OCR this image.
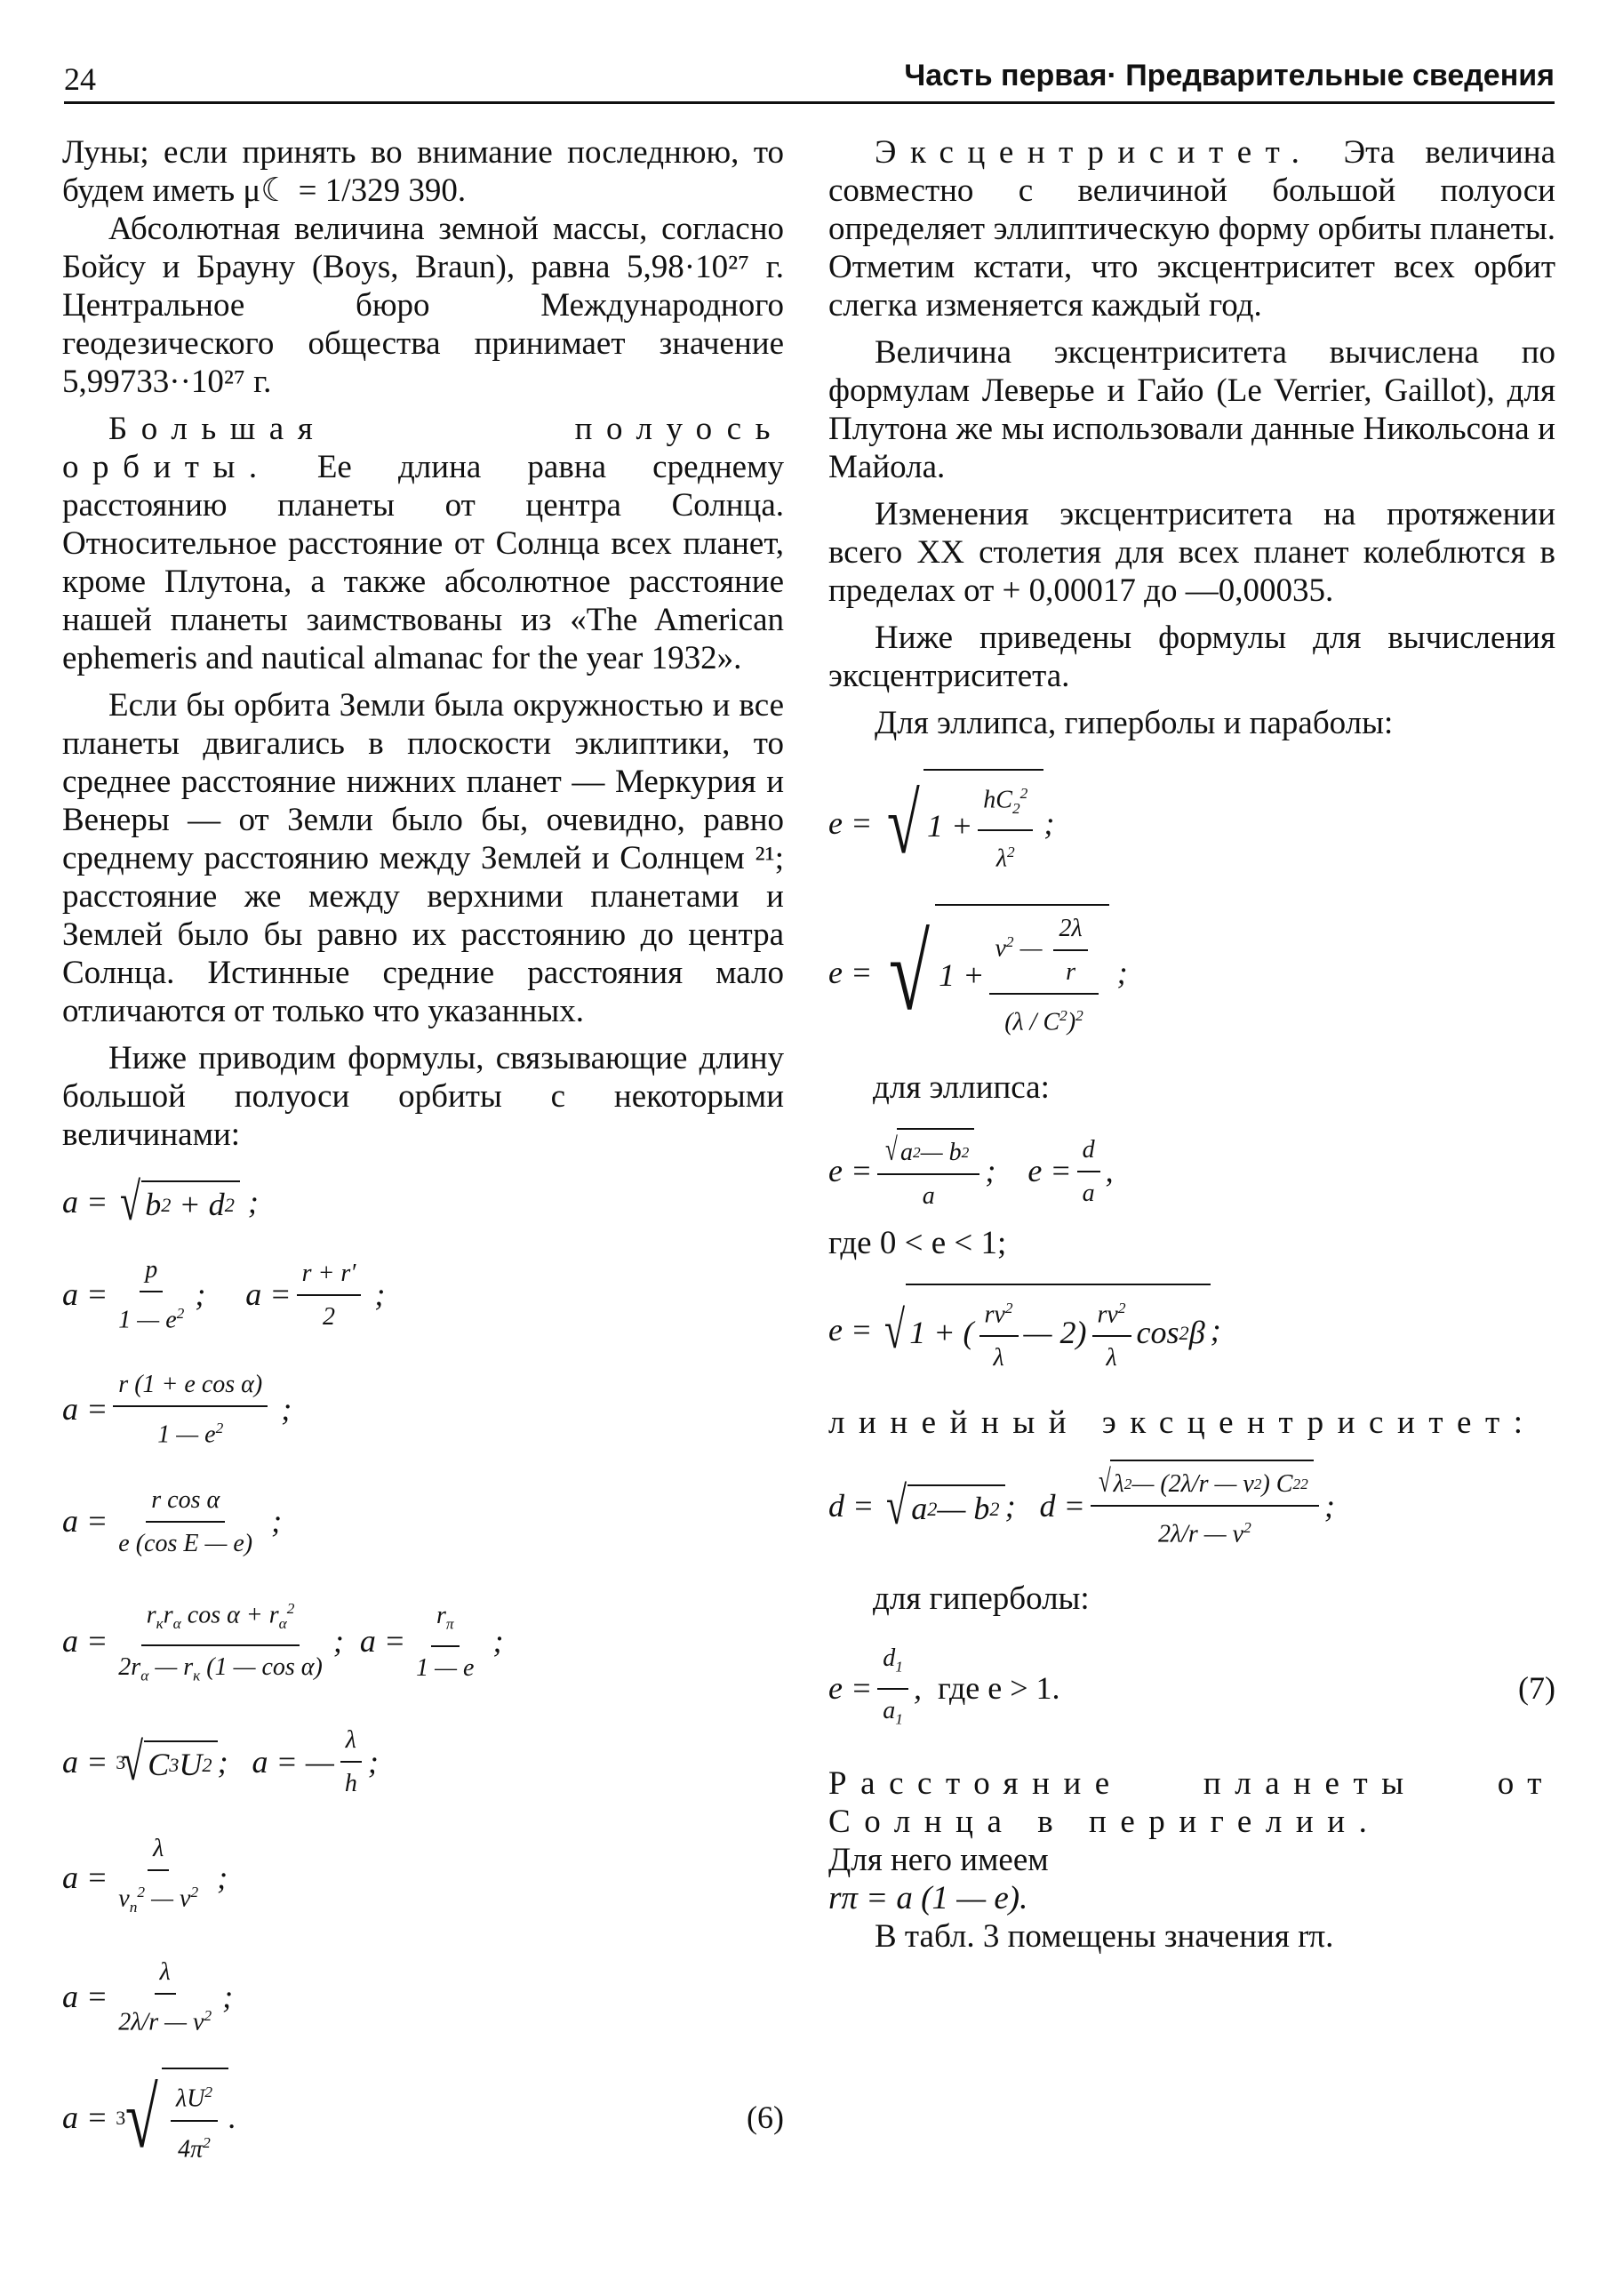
24	Часть первая· Предварительные сведения

Луны; если принять во внимание последнюю, то будем иметь μ☾ = 1/329 390.

Абсолютная величина земной массы, согласно Бойсу и Брауну (Boys, Braun), равна 5,98·10²⁷ г. Центральное бюро Международного геодезического общества принимает значение 5,99733··10²⁷ г.

Большая полуось орбиты. Ее длина равна среднему расстоянию планеты от центра Солнца. Относительное расстояние от Солнца всех планет, кроме Плутона, а также абсолютное расстояние нашей планеты заимствованы из «The American ephemeris and nautical almanac for the year 1932».

Если бы орбита Земли была окружностью и все планеты двигались в плоскости эклиптики, то среднее расстояние нижних планет — Меркурия и Венеры — от Земли было бы, очевидно, равно среднему расстоянию между Землей и Солнцем ²¹; расстояние же между верхними планетами и Землей было бы равно их расстоянию до центра Солнца. Истинные средние расстояния мало отличаются от только что указанных.

Ниже приводим формулы, связывающие длину большой полуоси орбиты с некоторыми величинами:

a = √ b 2 + d 2 ;
$a = \frac{p}{1 — e^2}$ ;     $a = \frac{r + r'}{2}$ ;
$a = \frac{\text{r (1 + e cos α)}}{1 — e^2}$ ;
$a = \frac{\text{r cos α}}{\text{e (cos E — e)}}$ ;
$a = \frac{r_кr_\alpha \cos \alpha + r_\alpha^2}{2r_\alpha — r_к (1 — \cos \alpha)}$ ;  $a = \frac{r_\pi}{1 — e}$ ;
a = 3
√ C 3 U 2 ;   a = — $\frac{\lambda}{h}$ ;
$a = \frac{\lambda}{v_п^2 — v^2}$ ;
$a = \frac{\lambda}{2\lambda/r — v^2}$ ;
a = 3 √ $\frac{\lambda U^2}{4\pi^2}$ .	(6)

Эксцентриситет. Эта величина совместно с величиной большой полуоси определяет эллиптическую форму орбиты планеты. Отметим кстати, что эксцентриситет всех орбит слегка изменяется каждый год.

Величина эксцентриситета вычислена по формулам Леверье и Гайо (Le Verrier, Gaillot), для Плутона же мы использовали данные Никольсона и Майола.

Изменения эксцентриситета на протяжении всего XX столетия для всех планет колеблются в пределах от + 0,00017 до —0,00035.

Ниже приведены формулы для вычисления эксцентриситета.

Для эллипса, гиперболы и параболы:

e = √ $1 + \frac{hC_2^2}{\lambda^2}$ ;
e = √ $1 + \frac{v^2 — \frac{2\lambda}{r}}{(\lambda / C^2)^2}$ ;

для эллипса:

$e = \frac{√ a 2 — b 2}{a}$ ;    $e = \frac{d}{a}$ ,

где 0 < e < 1;

e = √ 1 + ( $\frac{rv^2}{\lambda}$ — $2) \frac{rv^2}{\lambda}$ cos 2 β ;

линейный эксцентриситет:

d = √ a 2 — b 2 ;   $d = \frac{√ \lambda 2 — (2\lambda/r — v 2 ) C 2 2}{2\lambda/r — v^2}$ ;

для гиперболы:

$e = \frac{d_1}{a_1}$ , где e > 1.	(7)

Расстояние планеты от Солнца в перигелии.

Для него имеем

rπ = a (1 — e).

В табл. 3 помещены значения rπ.
